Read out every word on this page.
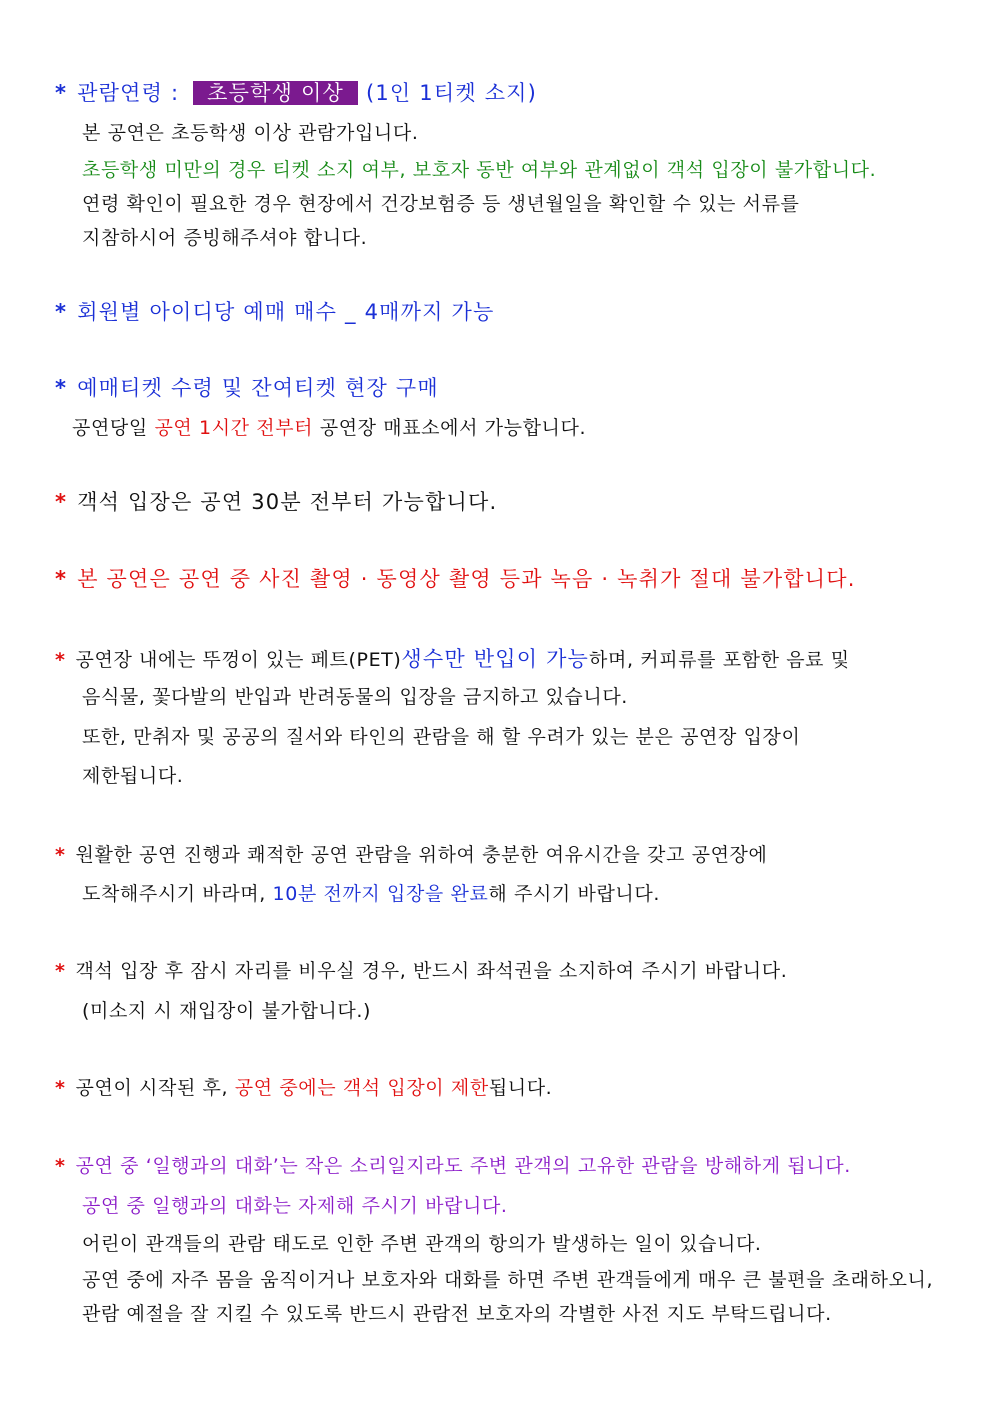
* 관람연령 : 초등학생 이상 (1인 1티켓 소지)
본 공연은 초등학생 이상 관람가입니다.
초등학생 미만의 경우 티켓 소지 여부, 보호자 동반 여부와 관계없이 객석 입장이 불가합니다.
연령 확인이 필요한 경우 현장에서 건강보험증 등 생년월일을 확인할 수 있는 서류를
지참하시어 증빙해주셔야 합니다.
* 회원별 아이디당 예매 매수 _ 4매까지 가능
* 예매티켓 수령 및 잔여티켓 현장 구매
공연당일 공연 1시간 전부터 공연장 매표소에서 가능합니다.
* 객석 입장은 공연 30분 전부터 가능합니다.
* 본 공연은 공연 중 사진 촬영 · 동영상 촬영 등과 녹음 · 녹취가 절대 불가합니다.
* 공연장 내에는 뚜껑이 있는 페트(PET)생수만 반입이 가능하며, 커피류를 포함한 음료 및
음식물, 꽃다발의 반입과 반려동물의 입장을 금지하고 있습니다.
또한, 만취자 및 공공의 질서와 타인의 관람을 해 할 우려가 있는 분은 공연장 입장이
제한됩니다.
* 원활한 공연 진행과 쾌적한 공연 관람을 위하여 충분한 여유시간을 갖고 공연장에
도착해주시기 바라며, 10분 전까지 입장을 완료해 주시기 바랍니다.
* 객석 입장 후 잠시 자리를 비우실 경우, 반드시 좌석권을 소지하여 주시기 바랍니다.
(미소지 시 재입장이 불가합니다.)
* 공연이 시작된 후, 공연 중에는 객석 입장이 제한됩니다.
* 공연 중 ‘일행과의 대화’는 작은 소리일지라도 주변 관객의 고유한 관람을 방해하게 됩니다.
공연 중 일행과의 대화는 자제해 주시기 바랍니다.
어린이 관객들의 관람 태도로 인한 주변 관객의 항의가 발생하는 일이 있습니다.
공연 중에 자주 몸을 움직이거나 보호자와 대화를 하면 주변 관객들에게 매우 큰 불편을 초래하오니,
관람 예절을 잘 지킬 수 있도록 반드시 관람전 보호자의 각별한 사전 지도 부탁드립니다.
